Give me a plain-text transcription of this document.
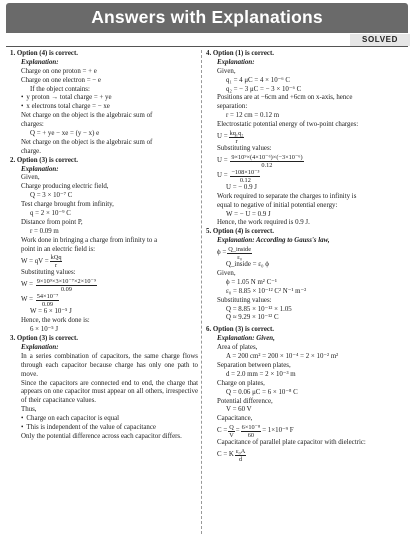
Answers with Explanations
SOLVED
1. Option (4) is correct.
Explanation:
Charge on one proton = + e
Charge on one electron = − e
If the object contains:
• y proton → total charge = + ye
• x electrons total charge = − xe
Net charge on the object is the algebraic sum of
charges:
Q = + ye − xe = (y − x) e
Net charge on the object is the algebraic sum of
charge.
2. Option (3) is correct.
Explanation:
Given,
Charge producing electric field,
Q = 3 × 10⁻⁷ C
Test charge brought from infinity,
q = 2 × 10⁻⁹ C
Distance from point P,
r = 0.09 m
Work done in bringing a charge from infinity to a
point in an electric field is:
W = qV = $\frac{\text{kQq}}{r}$
Substituting values:
$W = \frac{\text{9×10⁹×3×10⁻⁷×2×10⁻⁹}}{0.09}$
$W = \frac{\text{54×10⁻⁷}}{0.09}$
W = 6 × 10⁻⁵ J
Hence, the work done is:
6 × 10⁻⁵ J
3. Option (3) is correct.
Explanation:
In a series combination of capacitors, the same charge flows through each capacitor because charge has only one path to move.
Since the capacitors are connected end to end, the charge that appears on one capacitor must appear on all others, irrespective of their capacitance values.
Thus,
• Charge on each capacitor is equal
• This is independent of the value of capacitance
Only the potential difference across each capacitor differs.
4. Option (1) is correct.
Explanation:
Given,
q₁ = 4 μC = 4 × 10⁻⁶ C
q₂ = − 3 μC = − 3 × 10⁻⁶ C
Positions are at −6cm and +6cm on x-axis, hence
separation:
r = 12 cm = 0.12 m
Electrostatic potential energy of two-point charges:
$U = \frac{\text{kq₁q₂}}{r}$
Substituting values:
$U = \frac{\text{9×10⁹×(4×10⁻⁶)×(−3×10⁻⁶)}}{0.12}$
$U = \frac{\text{−108×10⁻³}}{0.12}$
U = − 0.9 J
Work required to separate the charges to infinity is
equal to negative of initial potential energy:
W = − U = 0.9 J
Hence, the work required is 0.9 J.
5. Option (4) is correct.
Explanation: According to Gauss's law,
$\phi = \frac{\text{Q\_inside}}{\text{ε₀}}$
Q_inside = ε₀ ϕ
Given,
ϕ = 1.05 N m² C⁻¹
ε₀ = 8.85 × 10⁻¹² C² N⁻¹ m⁻²
Substituting values:
Q = 8.85 × 10⁻¹² × 1.05
Q ≈ 9.29 × 10⁻¹² C
6. Option (3) is correct.
Explanation: Given,
Area of plates,
A = 200 cm² = 200 × 10⁻⁴ = 2 × 10⁻² m²
Separation between plates,
d = 2.0 mm = 2 × 10⁻³ m
Charge on plates,
Q = 0.06 μC = 6 × 10⁻⁸ C
Potential difference,
V = 60 V
Capacitance,
$C = \frac{Q}{V} = \frac{\text{6×10⁻⁸}}{60} = 1\times 10^{-9}$ F
Capacitance of parallel plate capacitor with dielectric:
C = K $\frac{\text{ε₀A}}{d}$
